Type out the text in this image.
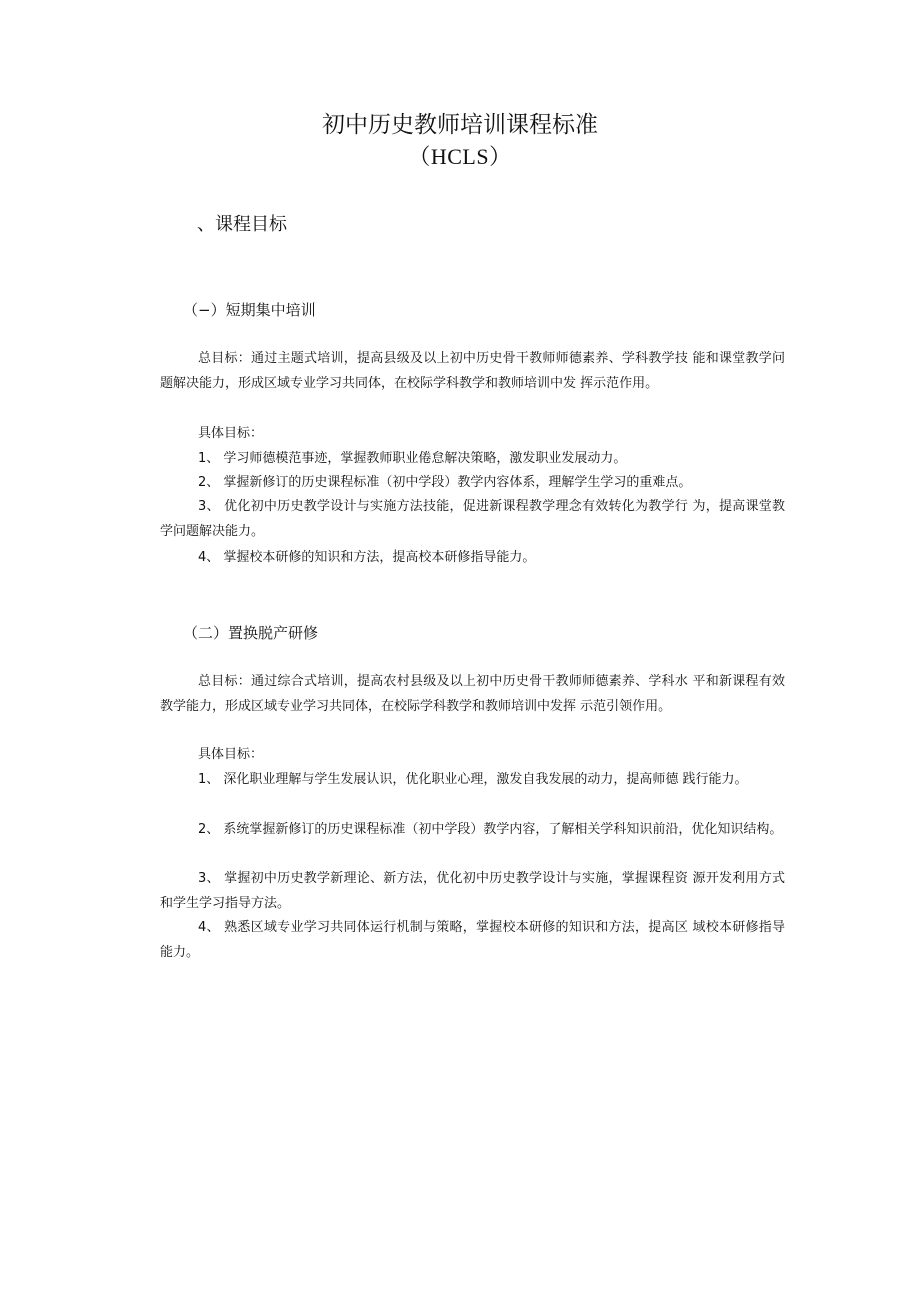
初中历史教师培训课程标准
（HCLS）
、课程目标
（−）短期集中培训
总目标：通过主题式培训，提高县级及以上初中历史骨干教师师德素养、学科教学技 能和课堂教学问题解决能力，形成区域专业学习共同体，在校际学科教学和教师培训中发 挥示范作用。
具体目标：
1、 学习师德模范事迹，掌握教师职业倦怠解决策略，激发职业发展动力。
2、 掌握新修订的历史课程标准（初中学段）教学内容体系，理解学生学习的重难点。
3、 优化初中历史教学设计与实施方法技能，促进新课程教学理念有效转化为教学行 为，提高课堂教学问题解决能力。
4、 掌握校本研修的知识和方法，提高校本研修指导能力。
（二）置换脱产研修
总目标：通过综合式培训，提高农村县级及以上初中历史骨干教师师德素养、学科水 平和新课程有效教学能力，形成区域专业学习共同体，在校际学科教学和教师培训中发挥 示范引领作用。
具体目标：
1、 深化职业理解与学生发展认识，优化职业心理，激发自我发展的动力，提高师德 践行能力。
2、 系统掌握新修订的历史课程标准（初中学段）教学内容，了解相关学科知识前沿，优化知识结构。
3、 掌握初中历史教学新理论、新方法，优化初中历史教学设计与实施，掌握课程资 源开发利用方式和学生学习指导方法。
4、 熟悉区域专业学习共同体运行机制与策略，掌握校本研修的知识和方法，提高区 域校本研修指导能力。
